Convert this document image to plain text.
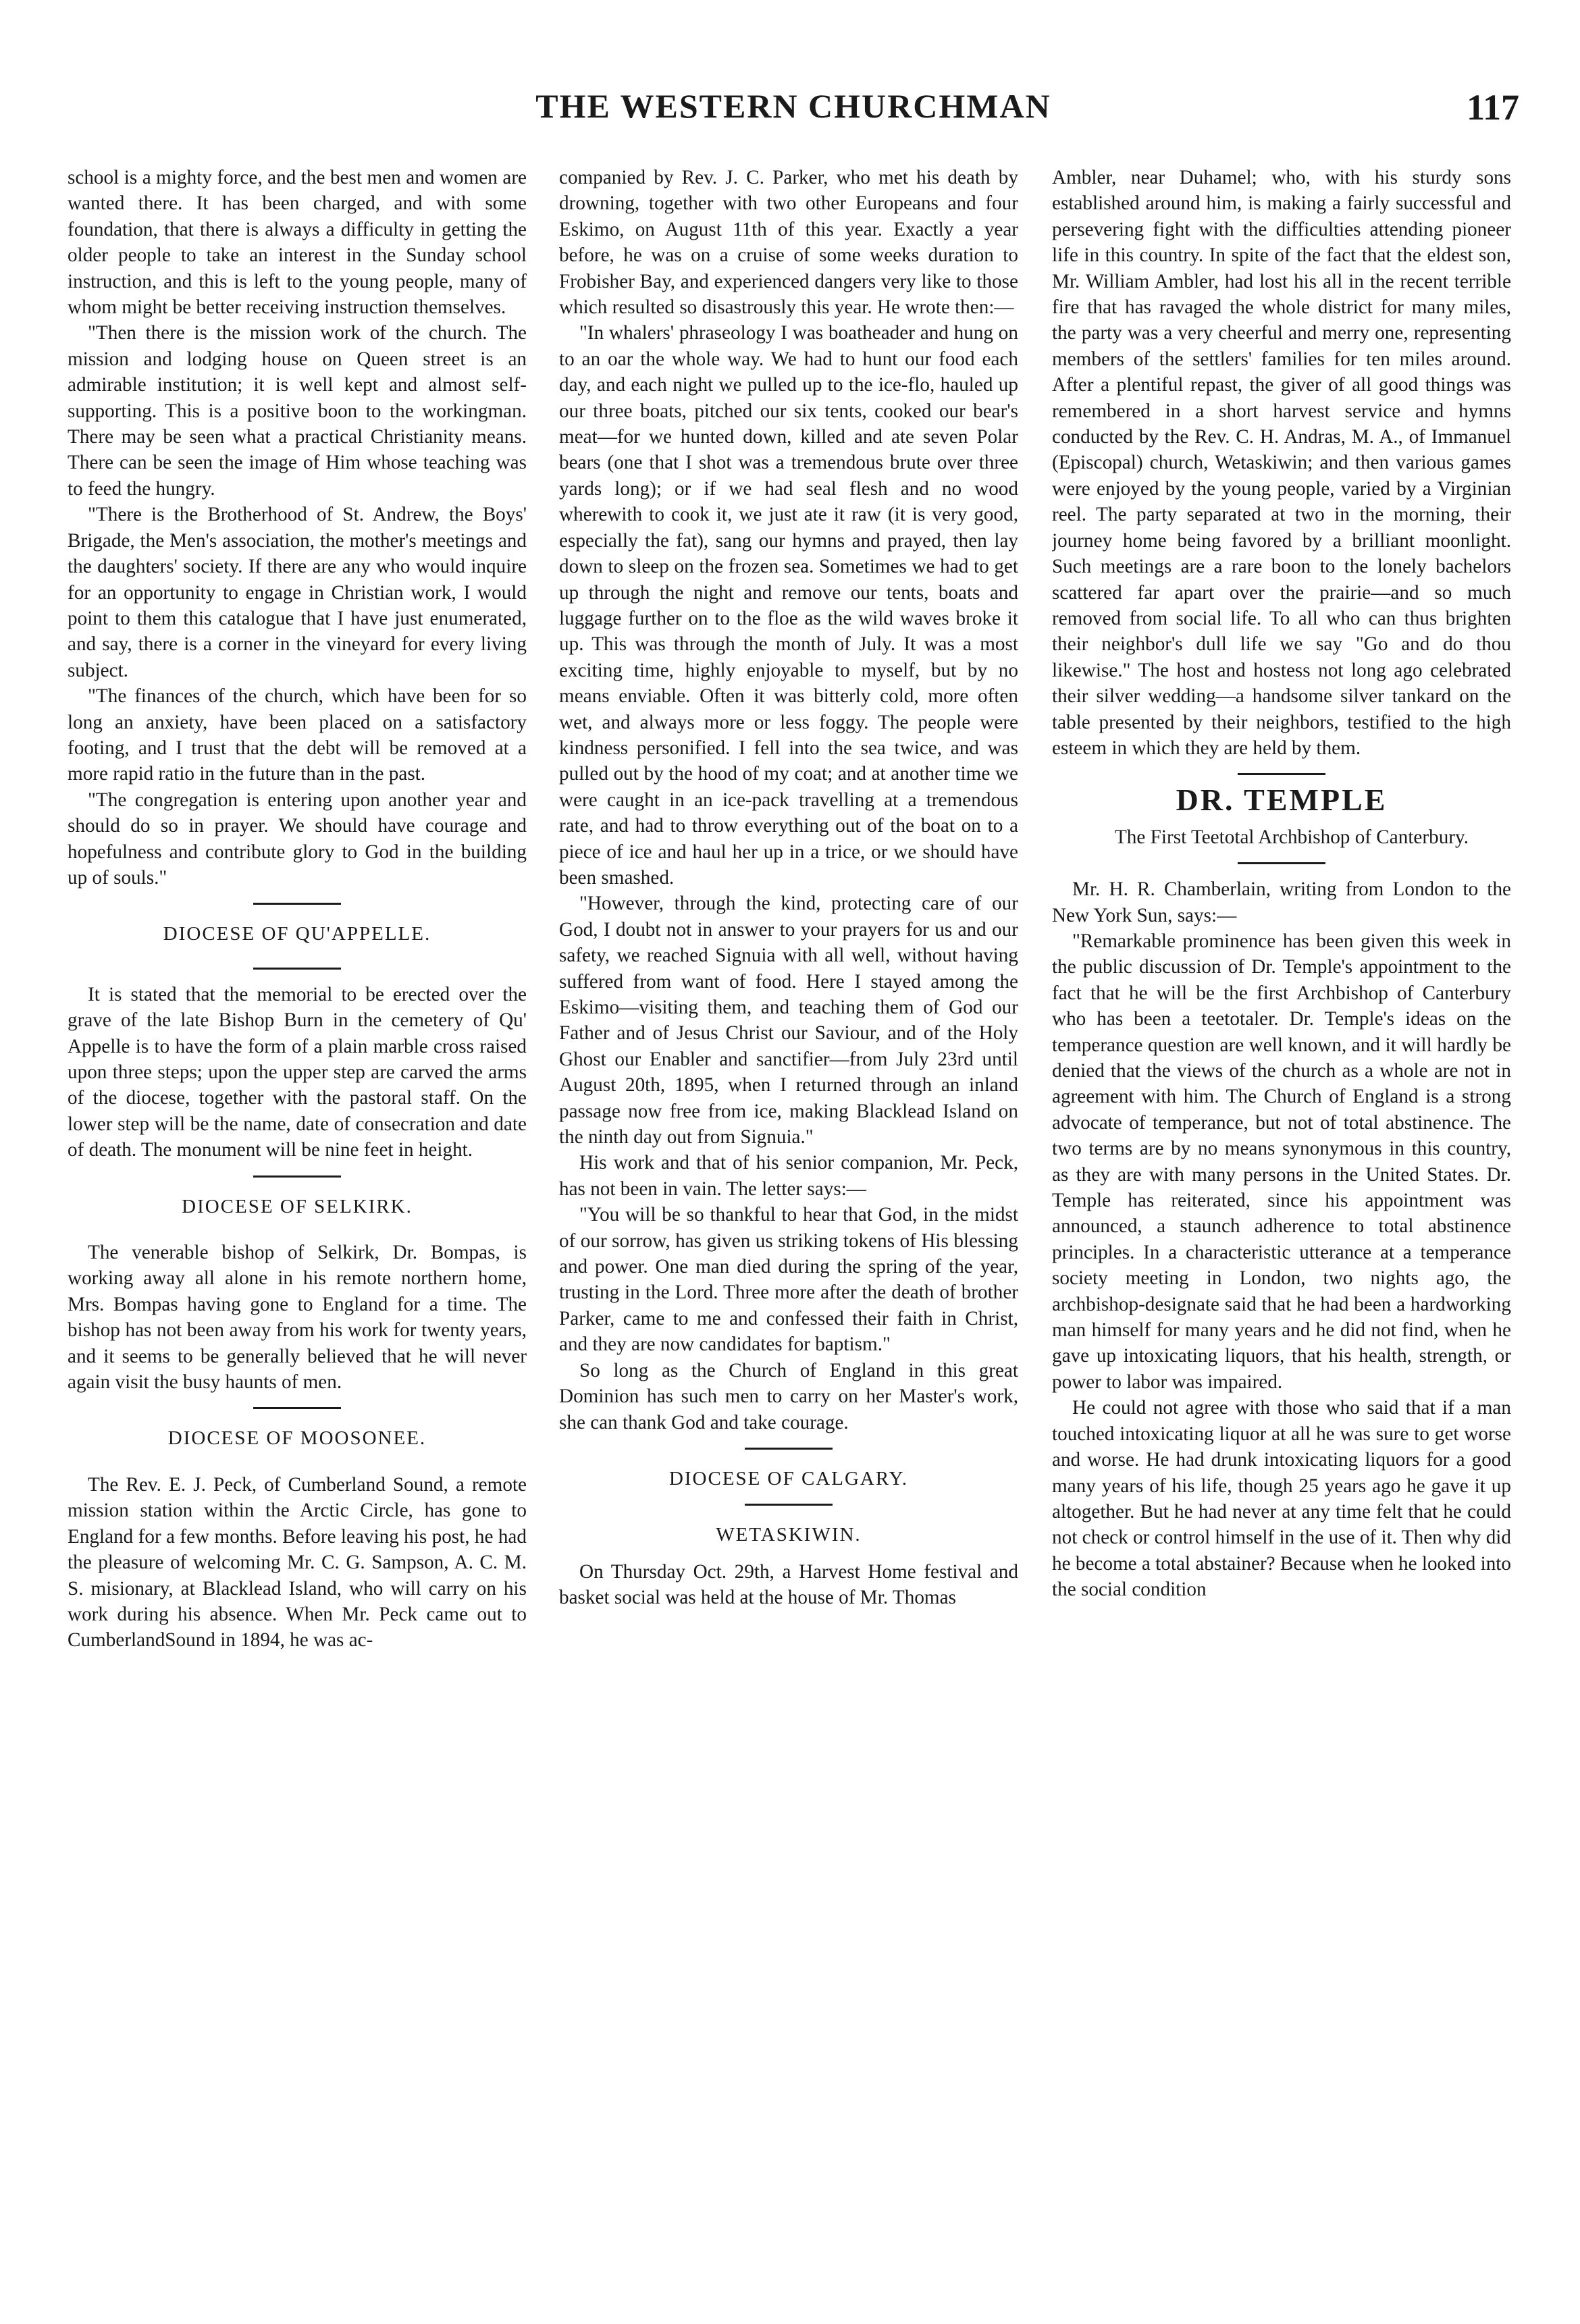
THE WESTERN CHURCHMAN	117

school is a mighty force, and the best men and women are wanted there. It has been charged, and with some foundation, that there is always a difficulty in getting the older people to take an interest in the Sunday school instruction, and this is left to the young people, many of whom might be better receiving instruction themselves.

"Then there is the mission work of the church. The mission and lodging house on Queen street is an admirable institution; it is well kept and almost self-supporting. This is a positive boon to the workingman. There may be seen what a practical Christianity means. There can be seen the image of Him whose teaching was to feed the hungry.

"There is the Brotherhood of St. Andrew, the Boys' Brigade, the Men's association, the mother's meetings and the daughters' society. If there are any who would inquire for an opportunity to engage in Christian work, I would point to them this catalogue that I have just enumerated, and say, there is a corner in the vineyard for every living subject.

"The finances of the church, which have been for so long an anxiety, have been placed on a satisfactory footing, and I trust that the debt will be removed at a more rapid ratio in the future than in the past.

"The congregation is entering upon another year and should do so in prayer. We should have courage and hopefulness and contribute glory to God in the building up of souls."

DIOCESE OF QU'APPELLE.

It is stated that the memorial to be erected over the grave of the late Bishop Burn in the cemetery of Qu' Appelle is to have the form of a plain marble cross raised upon three steps; upon the upper step are carved the arms of the diocese, together with the pastoral staff. On the lower step will be the name, date of consecration and date of death. The monument will be nine feet in height.

DIOCESE OF SELKIRK.

The venerable bishop of Selkirk, Dr. Bompas, is working away all alone in his remote northern home, Mrs. Bompas having gone to England for a time. The bishop has not been away from his work for twenty years, and it seems to be generally believed that he will never again visit the busy haunts of men.

DIOCESE OF MOOSONEE.

The Rev. E. J. Peck, of Cumberland Sound, a remote mission station within the Arctic Circle, has gone to England for a few months. Before leaving his post, he had the pleasure of welcoming Mr. C. G. Sampson, A. C. M. S. misionary, at Blacklead Island, who will carry on his work during his absence. When Mr. Peck came out to CumberlandSound in 1894, he was ac-

companied by Rev. J. C. Parker, who met his death by drowning, together with two other Europeans and four Eskimo, on August 11th of this year. Exactly a year before, he was on a cruise of some weeks duration to Frobisher Bay, and experienced dangers very like to those which resulted so disastrously this year. He wrote then:—

"In whalers' phraseology I was boatheader and hung on to an oar the whole way. We had to hunt our food each day, and each night we pulled up to the ice-flo, hauled up our three boats, pitched our six tents, cooked our bear's meat—for we hunted down, killed and ate seven Polar bears (one that I shot was a tremendous brute over three yards long); or if we had seal flesh and no wood wherewith to cook it, we just ate it raw (it is very good, especially the fat), sang our hymns and prayed, then lay down to sleep on the frozen sea. Sometimes we had to get up through the night and remove our tents, boats and luggage further on to the floe as the wild waves broke it up. This was through the month of July. It was a most exciting time, highly enjoyable to myself, but by no means enviable. Often it was bitterly cold, more often wet, and always more or less foggy. The people were kindness personified. I fell into the sea twice, and was pulled out by the hood of my coat; and at another time we were caught in an ice-pack travelling at a tremendous rate, and had to throw everything out of the boat on to a piece of ice and haul her up in a trice, or we should have been smashed.

"However, through the kind, protecting care of our God, I doubt not in answer to your prayers for us and our safety, we reached Signuia with all well, without having suffered from want of food. Here I stayed among the Eskimo—visiting them, and teaching them of God our Father and of Jesus Christ our Saviour, and of the Holy Ghost our Enabler and sanctifier—from July 23rd until August 20th, 1895, when I returned through an inland passage now free from ice, making Blacklead Island on the ninth day out from Signuia."

His work and that of his senior companion, Mr. Peck, has not been in vain. The letter says:—

"You will be so thankful to hear that God, in the midst of our sorrow, has given us striking tokens of His blessing and power. One man died during the spring of the year, trusting in the Lord. Three more after the death of brother Parker, came to me and confessed their faith in Christ, and they are now candidates for baptism."

So long as the Church of England in this great Dominion has such men to carry on her Master's work, she can thank God and take courage.

DIOCESE OF CALGARY.
WETASKIWIN.

On Thursday Oct. 29th, a Harvest Home festival and basket social was held at the house of Mr. Thomas

Ambler, near Duhamel; who, with his sturdy sons established around him, is making a fairly successful and persevering fight with the difficulties attending pioneer life in this country. In spite of the fact that the eldest son, Mr. William Ambler, had lost his all in the recent terrible fire that has ravaged the whole district for many miles, the party was a very cheerful and merry one, representing members of the settlers' families for ten miles around. After a plentiful repast, the giver of all good things was remembered in a short harvest service and hymns conducted by the Rev. C. H. Andras, M. A., of Immanuel (Episcopal) church, Wetaskiwin; and then various games were enjoyed by the young people, varied by a Virginian reel. The party separated at two in the morning, their journey home being favored by a brilliant moonlight. Such meetings are a rare boon to the lonely bachelors scattered far apart over the prairie—and so much removed from social life. To all who can thus brighten their neighbor's dull life we say "Go and do thou likewise." The host and hostess not long ago celebrated their silver wedding—a handsome silver tankard on the table presented by their neighbors, testified to the high esteem in which they are held by them.

DR. TEMPLE

The First Teetotal Archbishop of Canterbury.

Mr. H. R. Chamberlain, writing from London to the New York Sun, says:—

"Remarkable prominence has been given this week in the public discussion of Dr. Temple's appointment to the fact that he will be the first Archbishop of Canterbury who has been a teetotaler. Dr. Temple's ideas on the temperance question are well known, and it will hardly be denied that the views of the church as a whole are not in agreement with him. The Church of England is a strong advocate of temperance, but not of total abstinence. The two terms are by no means synonymous in this country, as they are with many persons in the United States. Dr. Temple has reiterated, since his appointment was announced, a staunch adherence to total abstinence principles. In a characteristic utterance at a temperance society meeting in London, two nights ago, the archbishop-designate said that he had been a hardworking man himself for many years and he did not find, when he gave up intoxicating liquors, that his health, strength, or power to labor was impaired.

He could not agree with those who said that if a man touched intoxicating liquor at all he was sure to get worse and worse. He had drunk intoxicating liquors for a good many years of his life, though 25 years ago he gave it up altogether. But he had never at any time felt that he could not check or control himself in the use of it. Then why did he become a total abstainer? Because when he looked into the social condition
